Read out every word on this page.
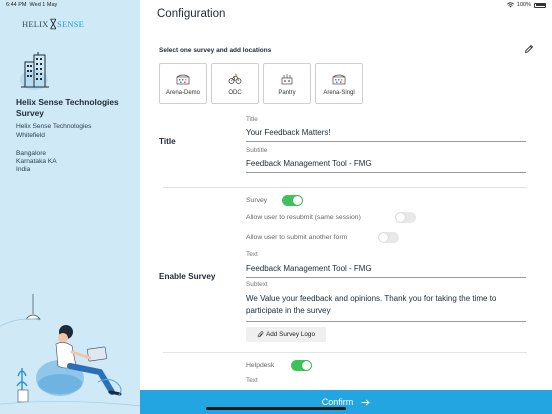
6:44 PM Wed 1 May	100%
HELIX SENSE
Helix Sense Technologies Survey
Helix Sense Technologies
Whitefield
Bangalore
Karnataka KA
India
Configuration
Select one survey and add locations
Arena-Demo	ODC	Pantry	Arena-Singl
Title
Title
Your Feedback Matters!
Subtitle
Feedback Management Tool - FMG
Enable Survey
Survey
Allow user to resubmit (same session)
Allow user to submit another form
Text
Feedback Management Tool - FMG
Subtext
We Value your feedback and opinions. Thank you for taking the time to participate in the survey
Add Survey Logo
Helpdesk
Text
Confirm
